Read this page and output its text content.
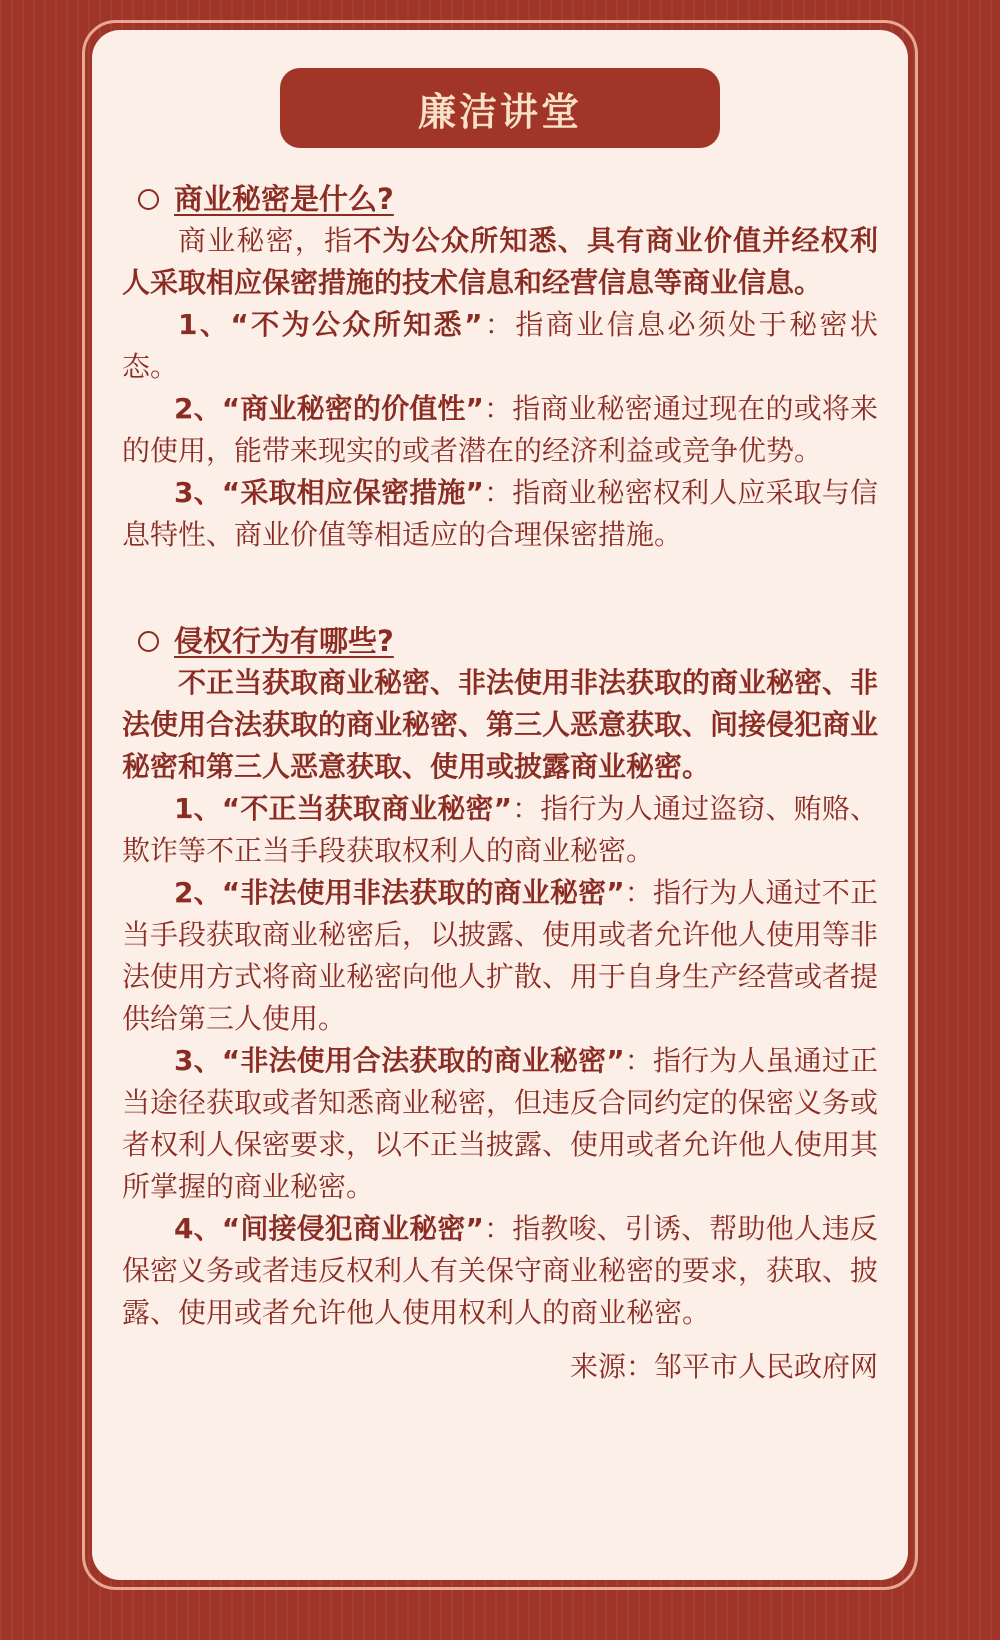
廉洁讲堂
商业秘密是什么?

商业秘密，指不为公众所知悉、具有商业价值并经权利人采取相应保密措施的技术信息和经营信息等商业信息。

1、“不为公众所知悉”：指商业信息必须处于秘密状态。

2、“商业秘密的价值性”：指商业秘密通过现在的或将来的使用，能带来现实的或者潜在的经济利益或竞争优势。

3、“采取相应保密措施”：指商业秘密权利人应采取与信息特性、商业价值等相适应的合理保密措施。

侵权行为有哪些?

不正当获取商业秘密、非法使用非法获取的商业秘密、非法使用合法获取的商业秘密、第三人恶意获取、间接侵犯商业秘密和第三人恶意获取、使用或披露商业秘密。

1、“不正当获取商业秘密”：指行为人通过盗窃、贿赂、欺诈等不正当手段获取权利人的商业秘密。

2、“非法使用非法获取的商业秘密”：指行为人通过不正当手段获取商业秘密后，以披露、使用或者允许他人使用等非法使用方式将商业秘密向他人扩散、用于自身生产经营或者提供给第三人使用。

3、“非法使用合法获取的商业秘密”：指行为人虽通过正当途径获取或者知悉商业秘密，但违反合同约定的保密义务或者权利人保密要求，以不正当披露、使用或者允许他人使用其所掌握的商业秘密。

4、“间接侵犯商业秘密”：指教唆、引诱、帮助他人违反保密义务或者违反权利人有关保守商业秘密的要求，获取、披露、使用或者允许他人使用权利人的商业秘密。

来源：邹平市人民政府网
